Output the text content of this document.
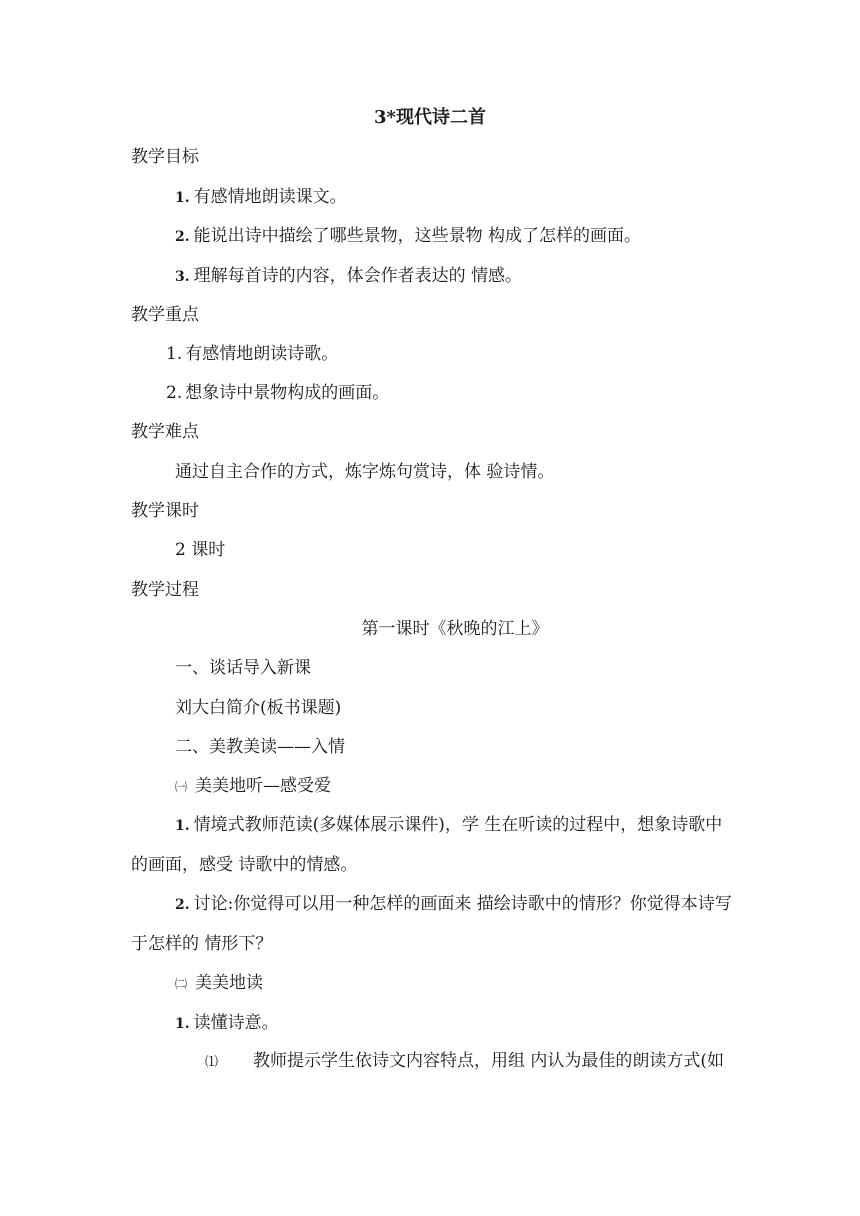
3*现代诗二首
教学目标
1. 有感情地朗读课文。
2. 能说出诗中描绘了哪些景物，这些景物 构成了怎样的画面。
3. 理解每首诗的内容，体会作者表达的 情感。
教学重点
1. 有感情地朗读诗歌。
2. 想象诗中景物构成的画面。
教学难点
通过自主合作的方式，炼字炼句赏诗，体 验诗情。
教学课时
2 课时
教学过程
第一课时《秋晚的江上》
一、谈话导入新课
刘大白简介(板书课题)
二、美教美读——入情
㈠ 美美地听—感受爱
1. 情境式教师范读(多媒体展示课件)，学 生在听读的过程中，想象诗歌中的画面，感受 诗歌中的情感。
2. 讨论:你觉得可以用一种怎样的画面来 描绘诗歌中的情形？你觉得本诗写于怎样的 情形下？
㈡ 美美地读
1. 读懂诗意。
⑴ 教师提示学生依诗文内容特点，用组 内认为最佳的朗读方式(如
